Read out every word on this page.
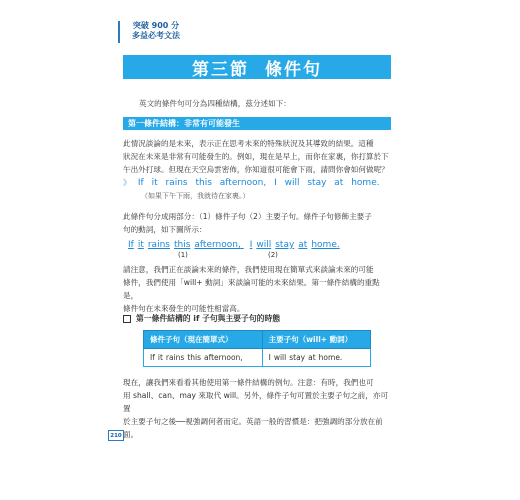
突破 900 分
多益必考文法
第三節 條件句
英文的條件句可分為四種結構，茲分述如下：
第一條件結構：非常有可能發生
此情況談論的是未來，表示正在思考未來的特殊狀況及其導致的結果。這種
狀況在未來是非常有可能發生的。例如，現在是早上，而你在家裏，你打算於下
午出外打球。但現在天空烏雲密佈，你知道很可能會下雨，請問你會如何做呢？
》 If it rains this afternoon, I will stay at home.
（如果下午下雨，我就待在家裏。）
此條件句分成兩部分：（1）條件子句（2）主要子句。條件子句修飾主要子
句的動詞，如下圖所示：
If it rains this afternoon, I will stay at home.
(1)	(2)
請注意，我們正在談論未來的條件，我們使用現在簡單式來談論未來的可能
條件，我們使用「will+ 動詞」來談論可能的未來結果。第一條件結構的重點是，
條件句在未來發生的可能性相當高。
第一條件結構的 if 子句與主要子句的時態
條件子句（現在簡單式）	主要子句（will+ 動詞）
If it rains this afternoon,	I will stay at home.
現在，讓我們來看看其他使用第一條件結構的例句。注意：有時，我們也可
用 shall、can、may 來取代 will。另外，條件子句可置於主要子句之前，亦可置
於主要子句之後──視強調何者而定。英語一般的習慣是：把強調的部分放在前
面。
210
